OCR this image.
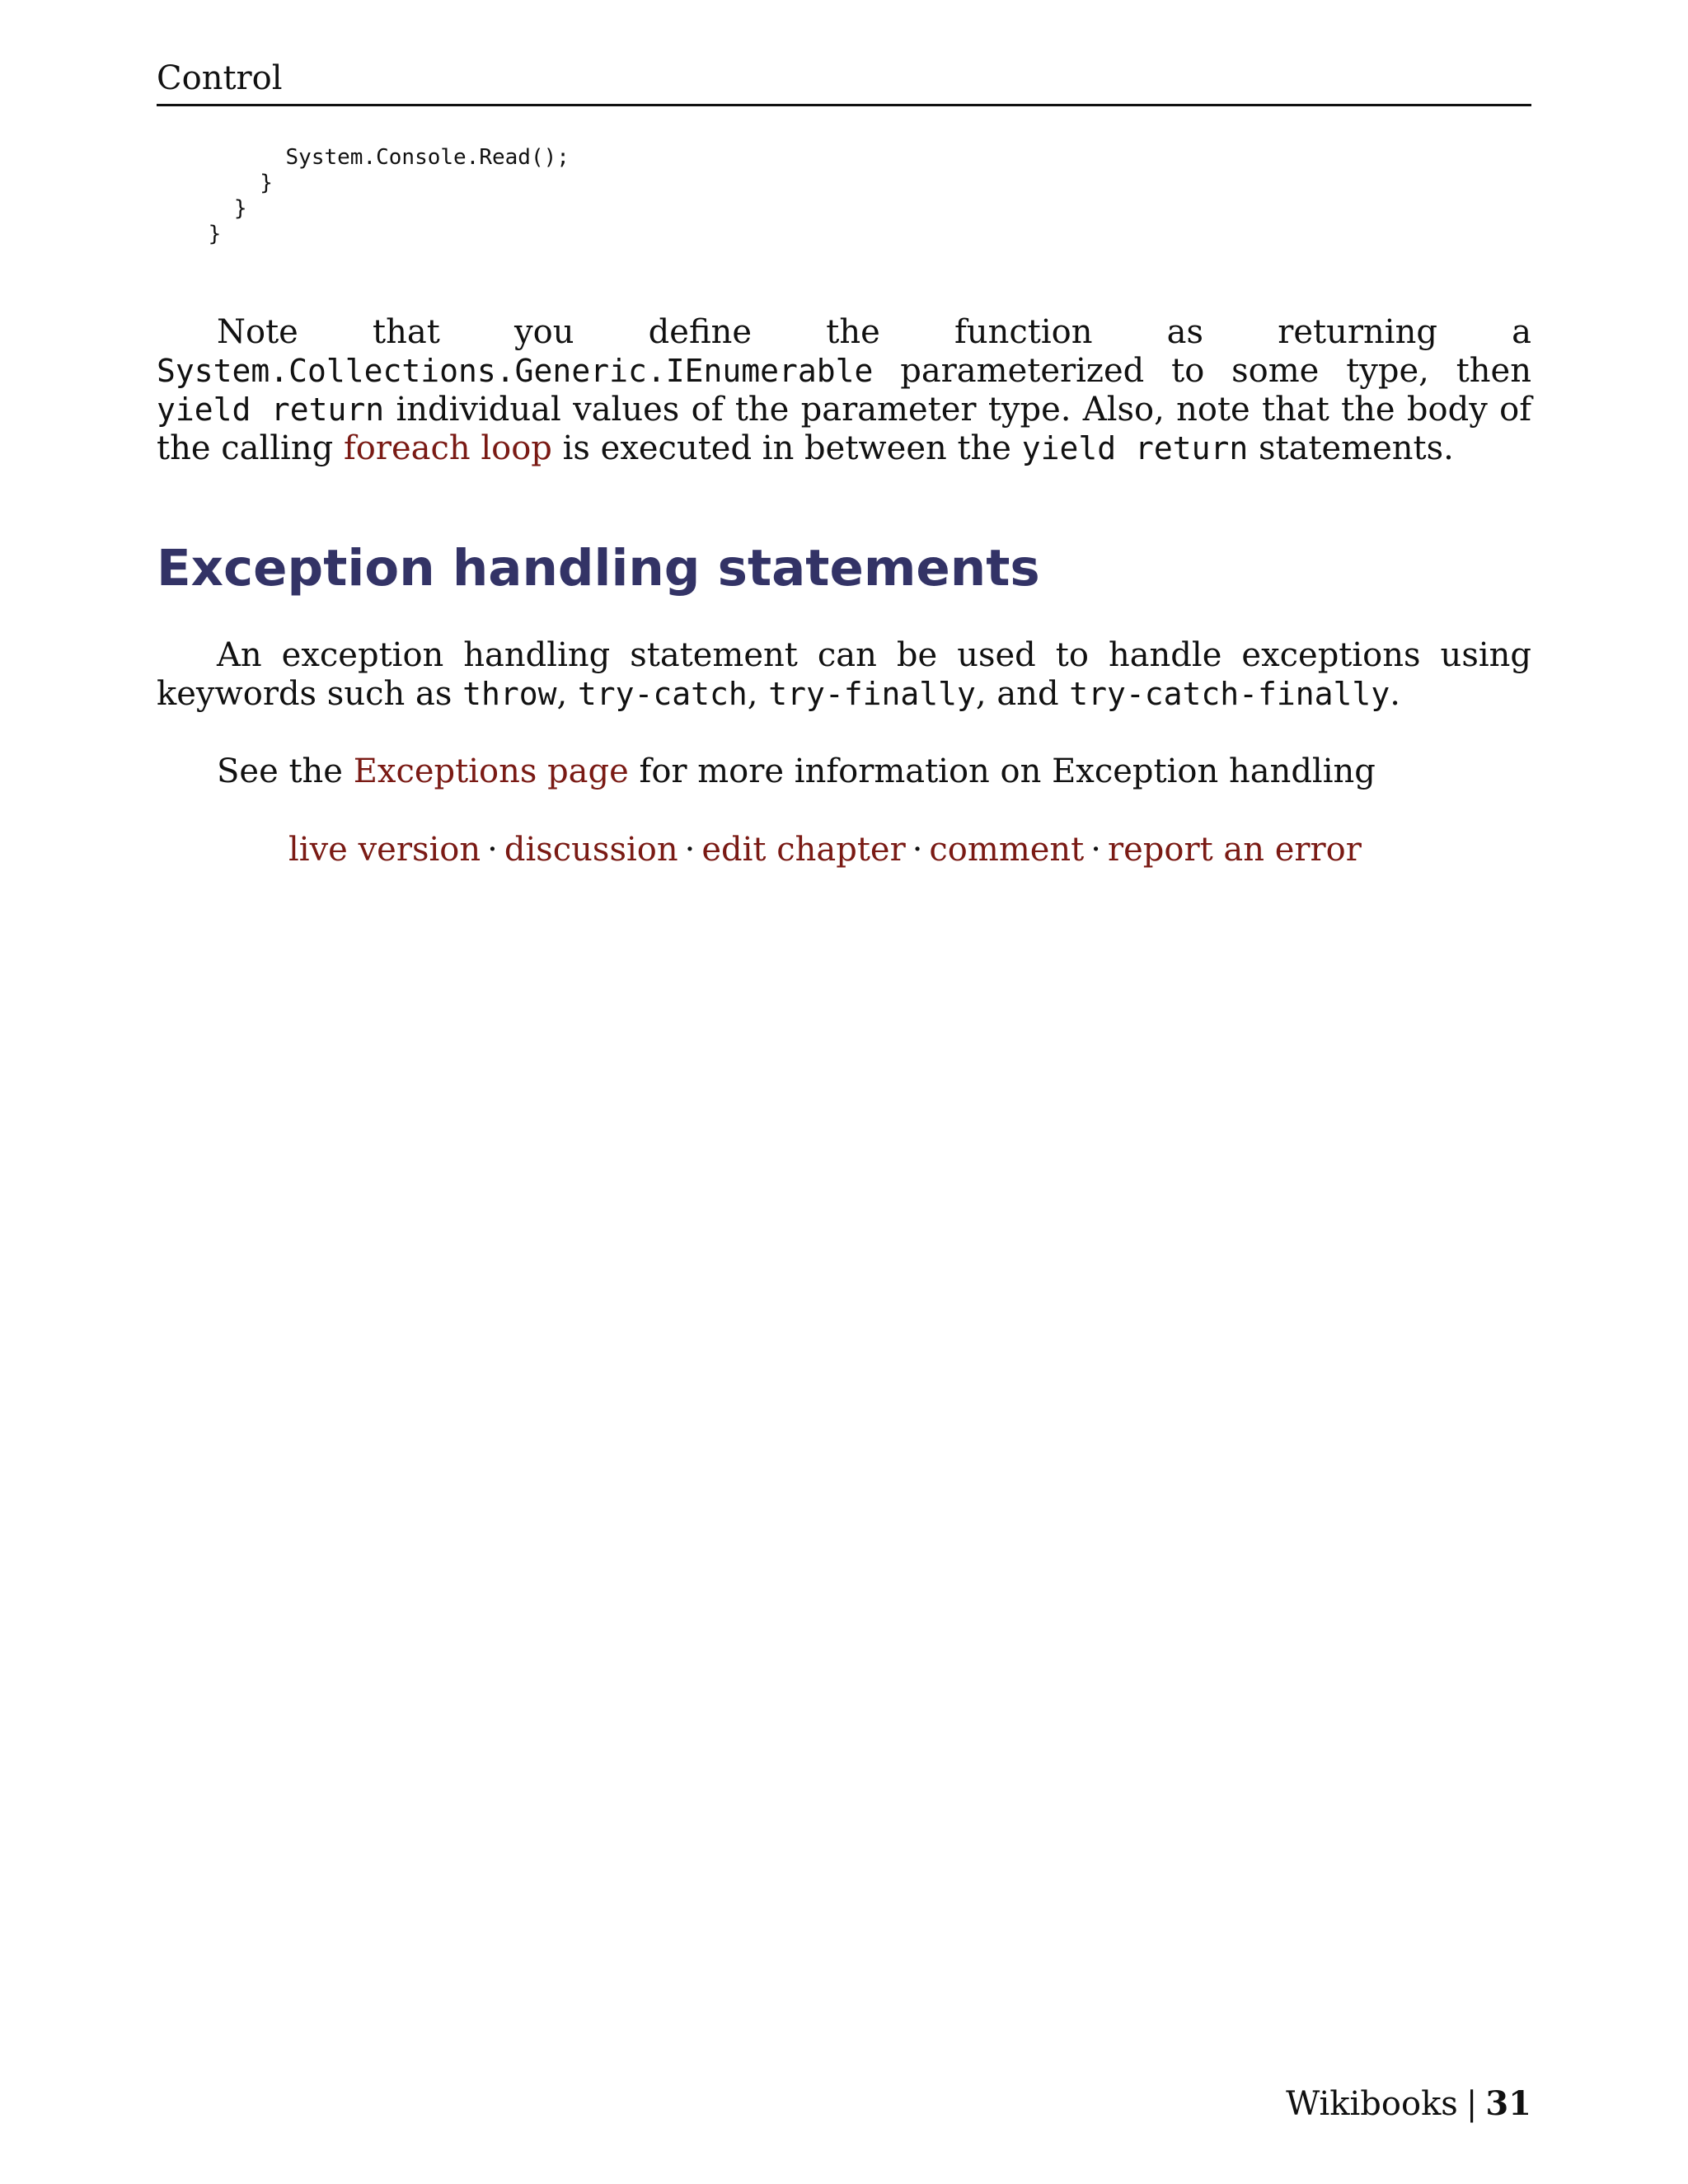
Control
System.Console.Read();
}
}
}

Note that you define the function as returning a System.Collections.Generic.IEnumerable parameterized to some type, then yield return individual values of the parameter type. Also, note that the body of the calling foreach loop is executed in between the yield return statements.

Exception handling statements

An exception handling statement can be used to handle exceptions using keywords such as throw, try-catch, try-finally, and try-catch-finally.

See the Exceptions page for more information on Exception handling

live version · discussion · edit chapter · comment · report an error
Wikibooks | 31
